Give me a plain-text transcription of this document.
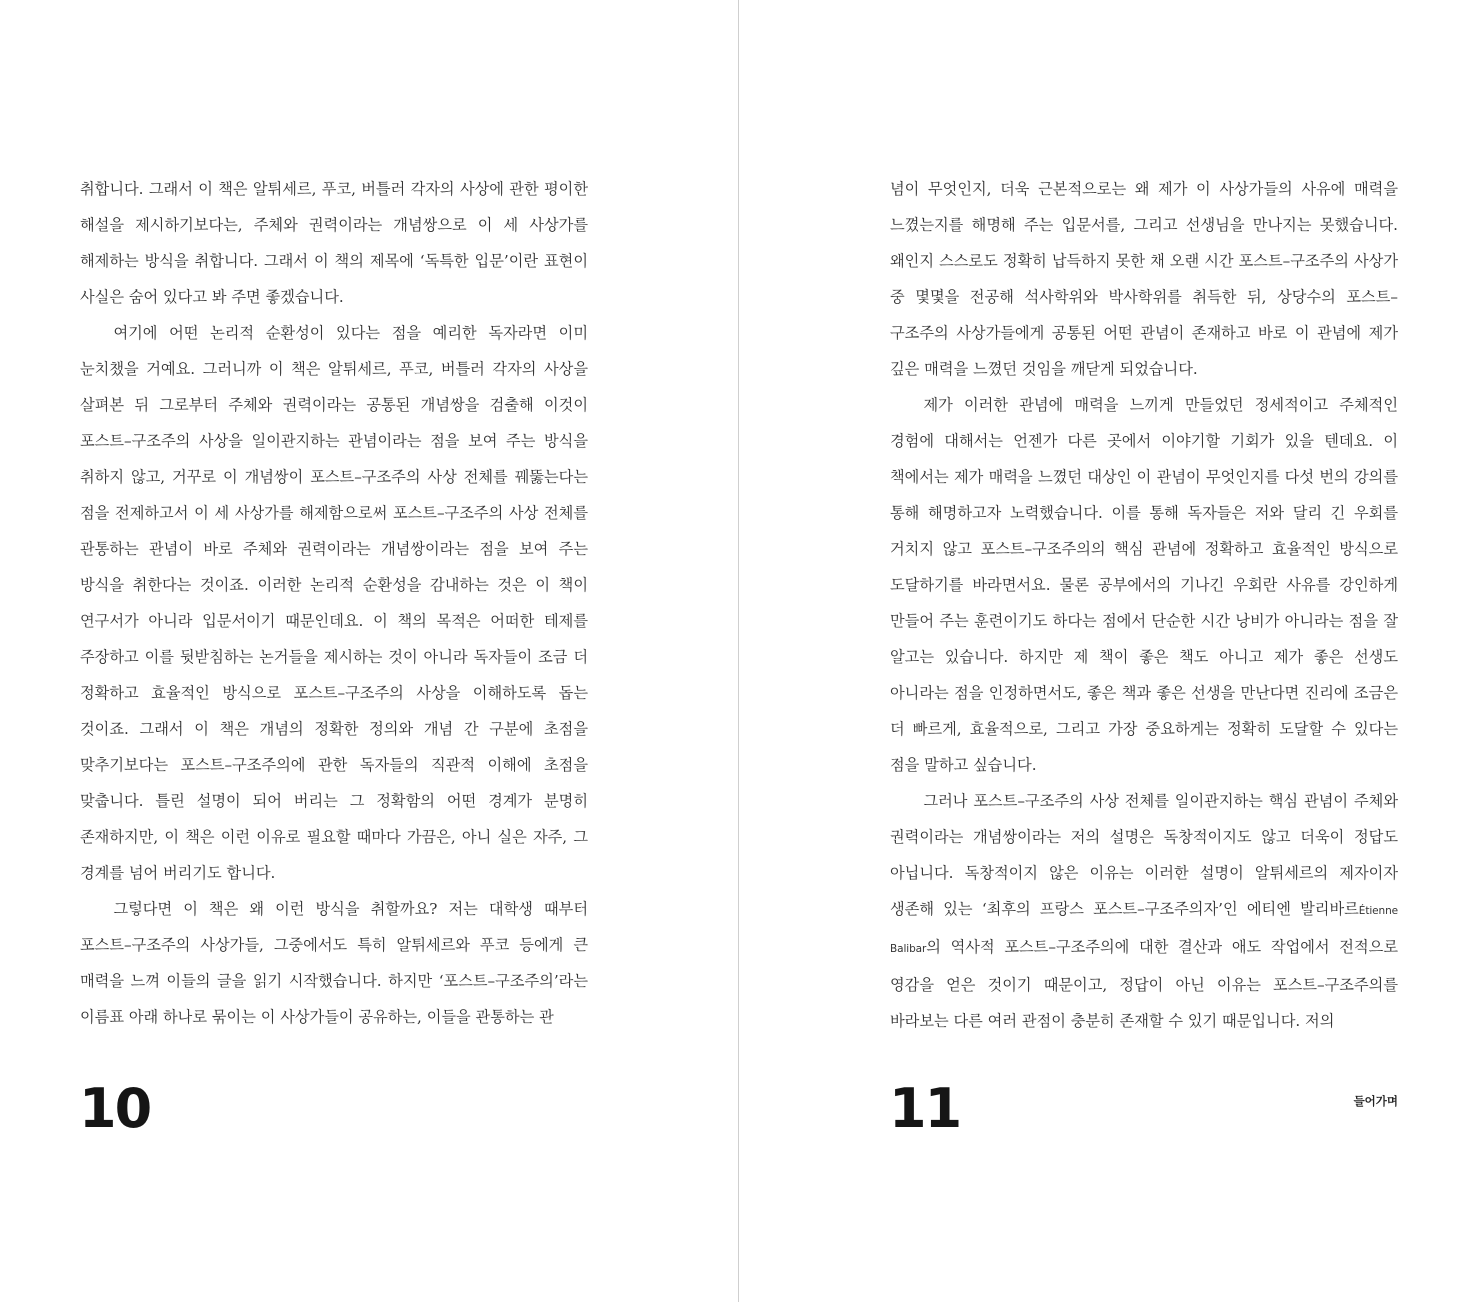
취합니다. 그래서 이 책은 알튀세르, 푸코, 버틀러 각자의 사상에 관한 평이한 해설을 제시하기보다는, 주체와 권력이라는 개념쌍으로 이 세 사상가를 해제하는 방식을 취합니다. 그래서 이 책의 제목에 ‘독특한 입문’이란 표현이 사실은 숨어 있다고 봐 주면 좋겠습니다.

여기에 어떤 논리적 순환성이 있다는 점을 예리한 독자라면 이미 눈치챘을 거예요. 그러니까 이 책은 알튀세르, 푸코, 버틀러 각자의 사상을 살펴본 뒤 그로부터 주체와 권력이라는 공통된 개념쌍을 검출해 이것이 포스트–구조주의 사상을 일이관지하는 관념이라는 점을 보여 주는 방식을 취하지 않고, 거꾸로 이 개념쌍이 포스트–구조주의 사상 전체를 꿰뚫는다는 점을 전제하고서 이 세 사상가를 해제함으로써 포스트–구조주의 사상 전체를 관통하는 관념이 바로 주체와 권력이라는 개념쌍이라는 점을 보여 주는 방식을 취한다는 것이죠. 이러한 논리적 순환성을 감내하는 것은 이 책이 연구서가 아니라 입문서이기 때문인데요. 이 책의 목적은 어떠한 테제를 주장하고 이를 뒷받침하는 논거들을 제시하는 것이 아니라 독자들이 조금 더 정확하고 효율적인 방식으로 포스트–구조주의 사상을 이해하도록 돕는 것이죠. 그래서 이 책은 개념의 정확한 정의와 개념 간 구분에 초점을 맞추기보다는 포스트–구조주의에 관한 독자들의 직관적 이해에 초점을 맞춥니다. 틀린 설명이 되어 버리는 그 정확함의 어떤 경계가 분명히 존재하지만, 이 책은 이런 이유로 필요할 때마다 가끔은, 아니 실은 자주, 그 경계를 넘어 버리기도 합니다.

그렇다면 이 책은 왜 이런 방식을 취할까요? 저는 대학생 때부터 포스트–구조주의 사상가들, 그중에서도 특히 알튀세르와 푸코 등에게 큰 매력을 느껴 이들의 글을 읽기 시작했습니다. 하지만 ‘포스트–구조주의’라는 이름표 아래 하나로 묶이는 이 사상가들이 공유하는, 이들을 관통하는 관

10

념이 무엇인지, 더욱 근본적으로는 왜 제가 이 사상가들의 사유에 매력을 느꼈는지를 해명해 주는 입문서를, 그리고 선생님을 만나지는 못했습니다. 왜인지 스스로도 정확히 납득하지 못한 채 오랜 시간 포스트–구조주의 사상가 중 몇몇을 전공해 석사학위와 박사학위를 취득한 뒤, 상당수의 포스트–구조주의 사상가들에게 공통된 어떤 관념이 존재하고 바로 이 관념에 제가 깊은 매력을 느꼈던 것임을 깨닫게 되었습니다.

제가 이러한 관념에 매력을 느끼게 만들었던 정세적이고 주체적인 경험에 대해서는 언젠가 다른 곳에서 이야기할 기회가 있을 텐데요. 이 책에서는 제가 매력을 느꼈던 대상인 이 관념이 무엇인지를 다섯 번의 강의를 통해 해명하고자 노력했습니다. 이를 통해 독자들은 저와 달리 긴 우회를 거치지 않고 포스트–구조주의의 핵심 관념에 정확하고 효율적인 방식으로 도달하기를 바라면서요. 물론 공부에서의 기나긴 우회란 사유를 강인하게 만들어 주는 훈련이기도 하다는 점에서 단순한 시간 낭비가 아니라는 점을 잘 알고는 있습니다. 하지만 제 책이 좋은 책도 아니고 제가 좋은 선생도 아니라는 점을 인정하면서도, 좋은 책과 좋은 선생을 만난다면 진리에 조금은 더 빠르게, 효율적으로, 그리고 가장 중요하게는 정확히 도달할 수 있다는 점을 말하고 싶습니다.

그러나 포스트–구조주의 사상 전체를 일이관지하는 핵심 관념이 주체와 권력이라는 개념쌍이라는 저의 설명은 독창적이지도 않고 더욱이 정답도 아닙니다. 독창적이지 않은 이유는 이러한 설명이 알튀세르의 제자이자 생존해 있는 ‘최후의 프랑스 포스트–구조주의자’인 에티엔 발리바르Étienne Balibar의 역사적 포스트–구조주의에 대한 결산과 애도 작업에서 전적으로 영감을 얻은 것이기 때문이고, 정답이 아닌 이유는 포스트–구조주의를 바라보는 다른 여러 관점이 충분히 존재할 수 있기 때문입니다. 저의

11	들어가며
